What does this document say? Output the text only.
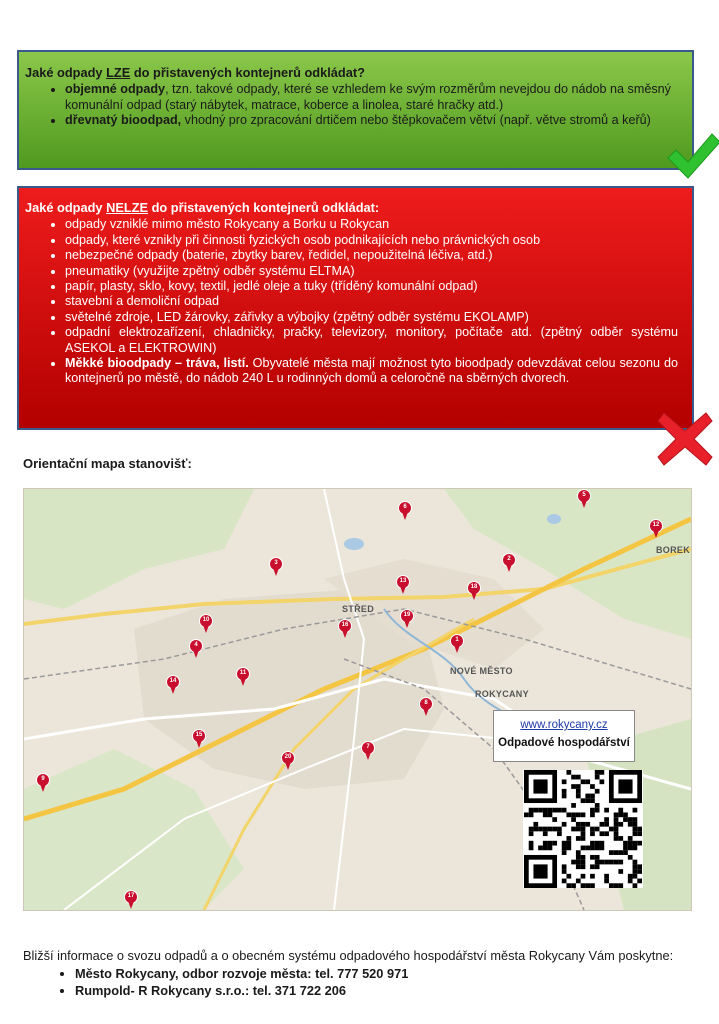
Jaké odpady LZE do přistavených kontejnerů odkládat?
• objemné odpady, tzn. takové odpady, které se vzhledem ke svým rozměrům nevejdou do nádob na směsný komunální odpad (starý nábytek, matrace, koberce a linolea, staré hračky atd.)
• dřevnatý bioodpad, vhodný pro zpracování drtičem nebo štěpkovačem větví (např. větve stromů a keřů)
Jaké odpady NELZE do přistavených kontejnerů odkládat:
• odpady vzniklé mimo město Rokycany a Borku u Rokycan
• odpady, které vznikly při činnosti fyzických osob podnikajících nebo právnických osob
• nebezpečné odpady (baterie, zbytky barev, ředidel, nepoužitelná léčiva, atd.)
• pneumatiky (využijte zpětný odběr systému ELTMA)
• papír, plasty, sklo, kovy, textil, jedlé oleje a tuky (tříděný komunální odpad)
• stavební a demoliční odpad
• světelné zdroje, LED žárovky, zářivky a výbojky (zpětný odběr systému EKOLAMP)
• odpadní elektrozařízení, chladničky, pračky, televizory, monitory, počítače atd. (zpětný odběr systému ASEKOL a ELEKTROWIN)
• Měkké bioodpady – tráva, listí. Obyvatelé města mají možnost tyto bioodpady odevzdávat celou sezonu do kontejnerů po městě, do nádob 240 L u rodinných domů a celoročně na sběrných dvorech.
Orientační mapa stanovišť:
BOREK
STŘED
NOVÉ MĚSTO
ROKYCANY
1
2
3
4
5
6
7
8
9
10
11
12
13
14
15
16
17
18
19
20
www.rokycany.cz
Odpadové hospodářství

Bližší informace o svozu odpadů a o obecném systému odpadového hospodářství města Rokycany Vám poskytne:

• Město Rokycany, odbor rozvoje města: tel. 777 520 971
• Rumpold- R Rokycany s.r.o.: tel. 371 722 206
